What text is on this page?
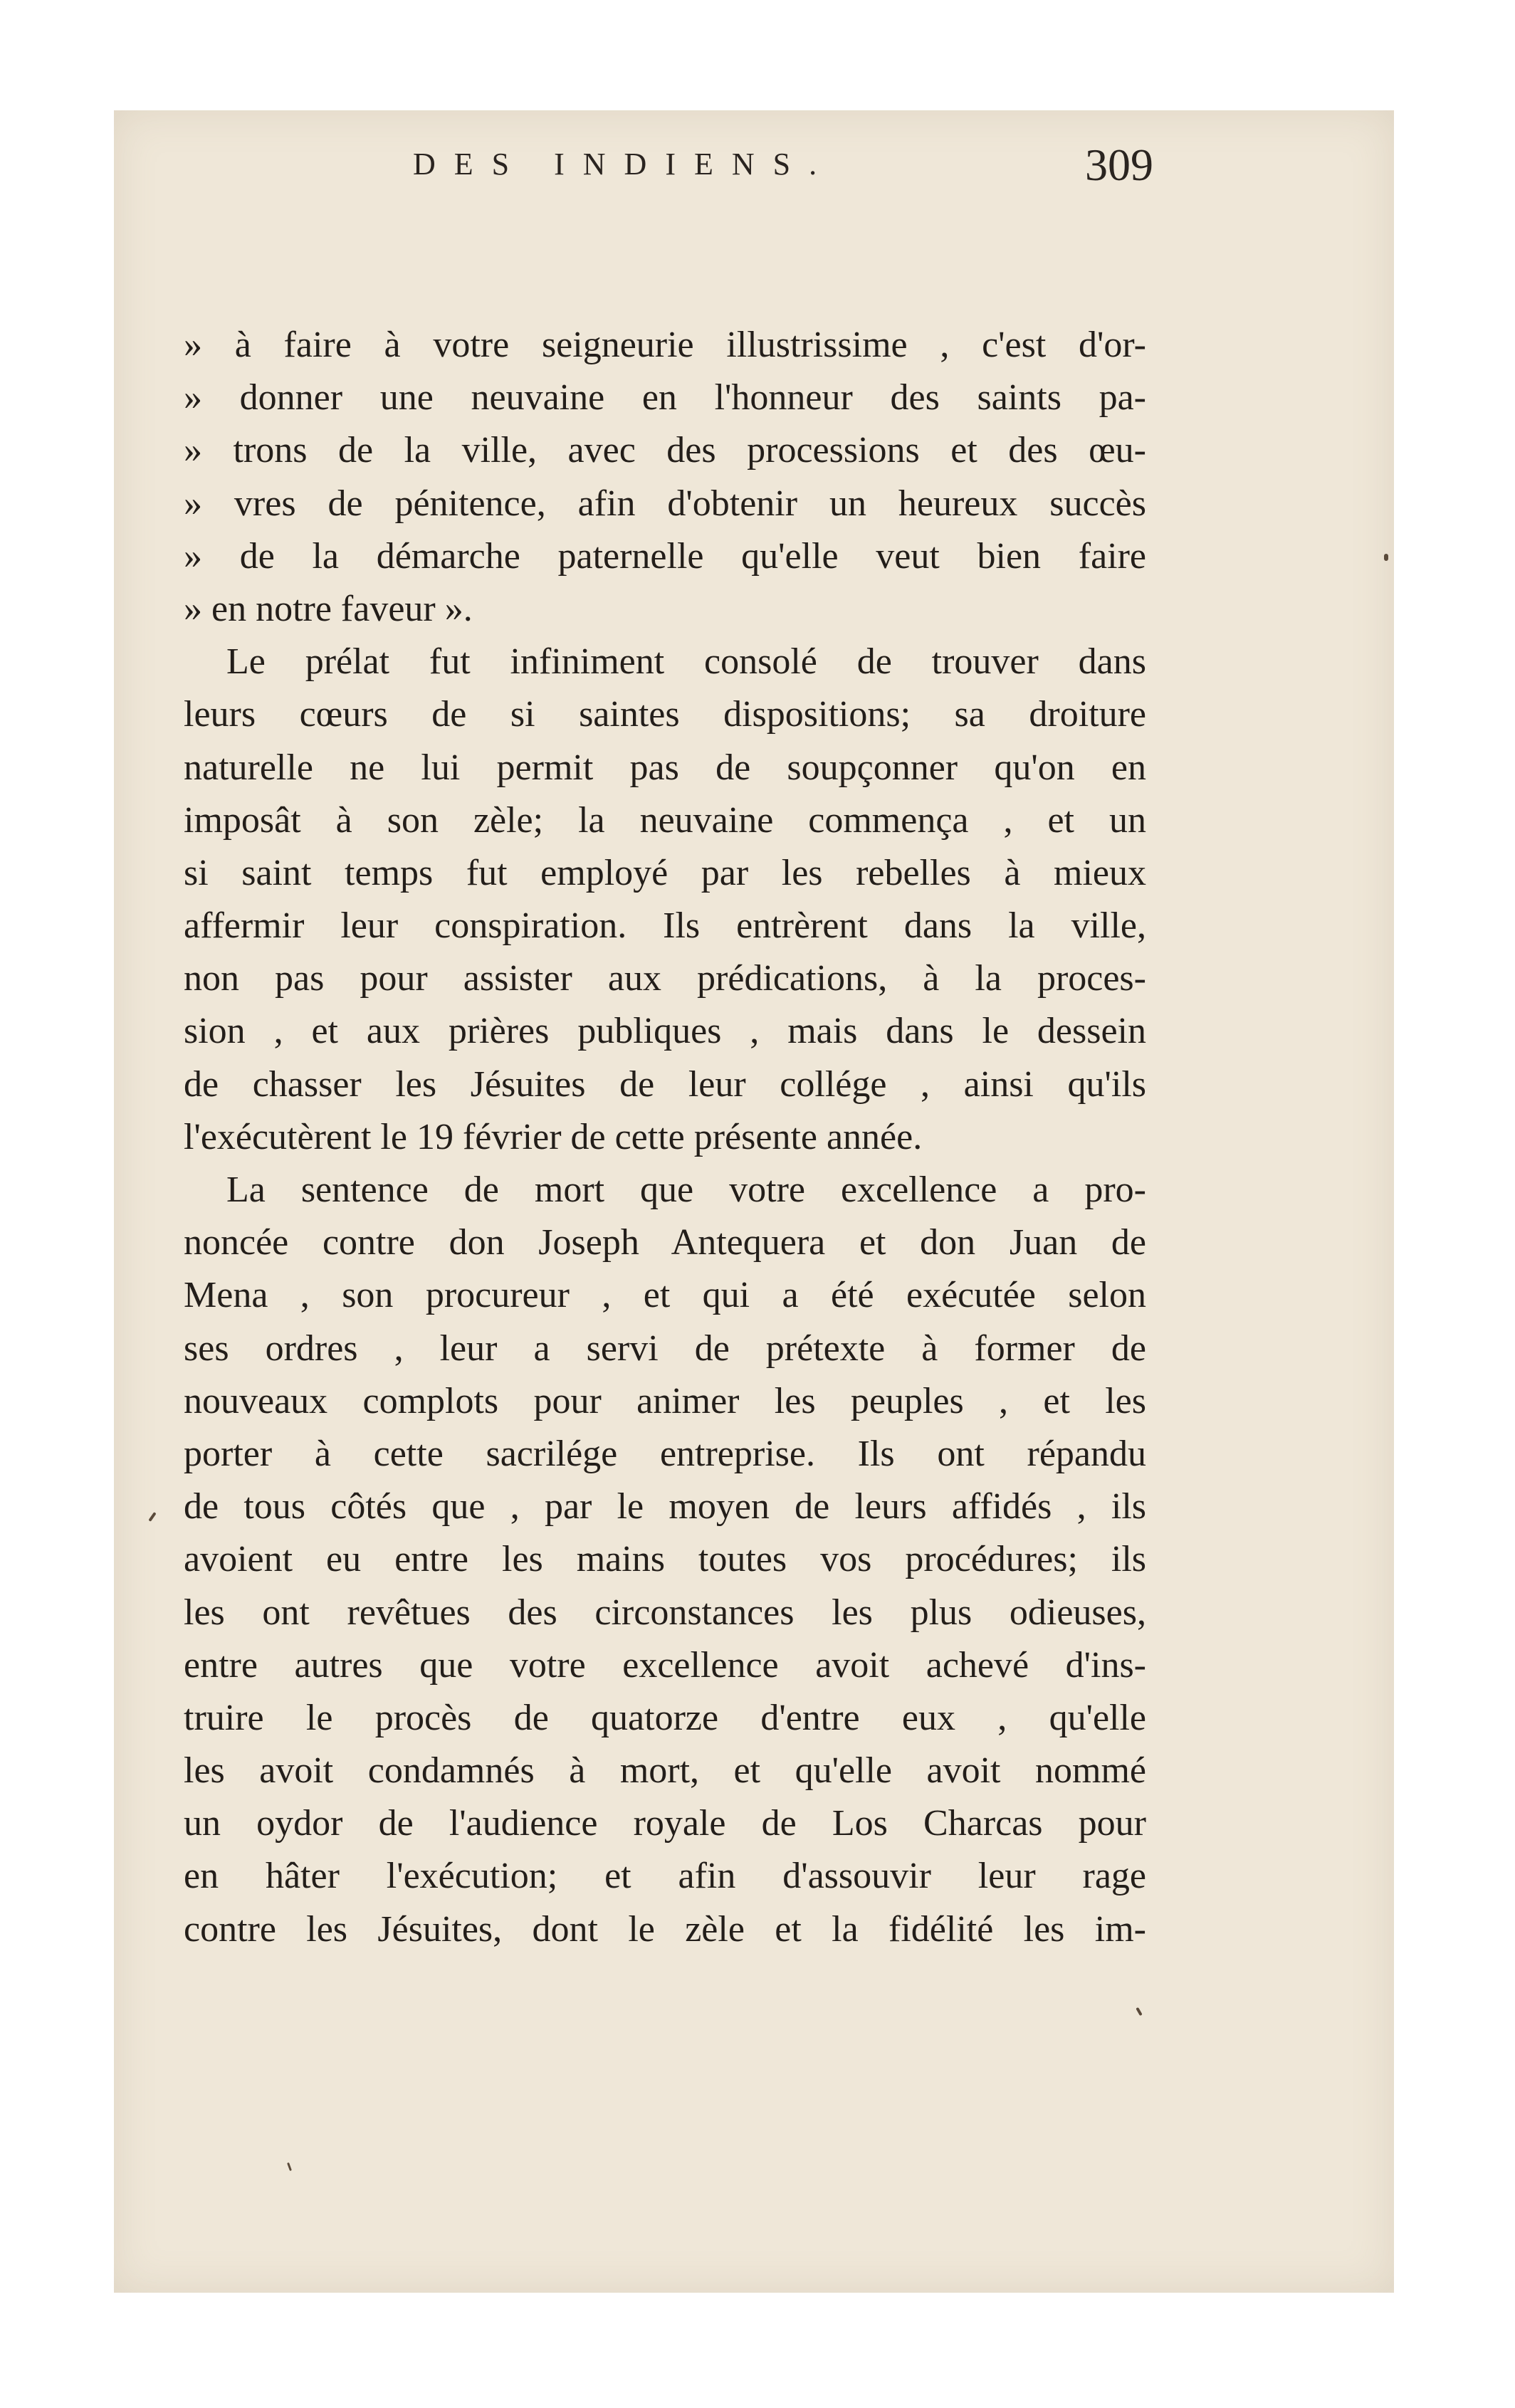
DES INDIENS.	309
» à faire à votre seigneurie illustrissime , c'est d'or-
» donner une neuvaine en l'honneur des saints pa-
» trons de la ville, avec des processions et des œu-
» vres de pénitence, afin d'obtenir un heureux succès
» de la démarche paternelle qu'elle veut bien faire
» en notre faveur ».
Le prélat fut infiniment consolé de trouver dans
leurs cœurs de si saintes dispositions; sa droiture
naturelle ne lui permit pas de soupçonner qu'on en
imposât à son zèle; la neuvaine commença , et un
si saint temps fut employé par les rebelles à mieux
affermir leur conspiration. Ils entrèrent dans la ville,
non pas pour assister aux prédications, à la proces-
sion , et aux prières publiques , mais dans le dessein
de chasser les Jésuites de leur collége , ainsi qu'ils
l'exécutèrent le 19 février de cette présente année.
La sentence de mort que votre excellence a pro-
noncée contre don Joseph Antequera et don Juan de
Mena , son procureur , et qui a été exécutée selon
ses ordres , leur a servi de prétexte à former de
nouveaux complots pour animer les peuples , et les
porter à cette sacrilége entreprise. Ils ont répandu
de tous côtés que , par le moyen de leurs affidés , ils
avoient eu entre les mains toutes vos procédures; ils
les ont revêtues des circonstances les plus odieuses,
entre autres que votre excellence avoit achevé d'ins-
truire le procès de quatorze d'entre eux , qu'elle
les avoit condamnés à mort, et qu'elle avoit nommé
un oydor de l'audience royale de Los Charcas pour
en hâter l'exécution; et afin d'assouvir leur rage
contre les Jésuites, dont le zèle et la fidélité les im-
